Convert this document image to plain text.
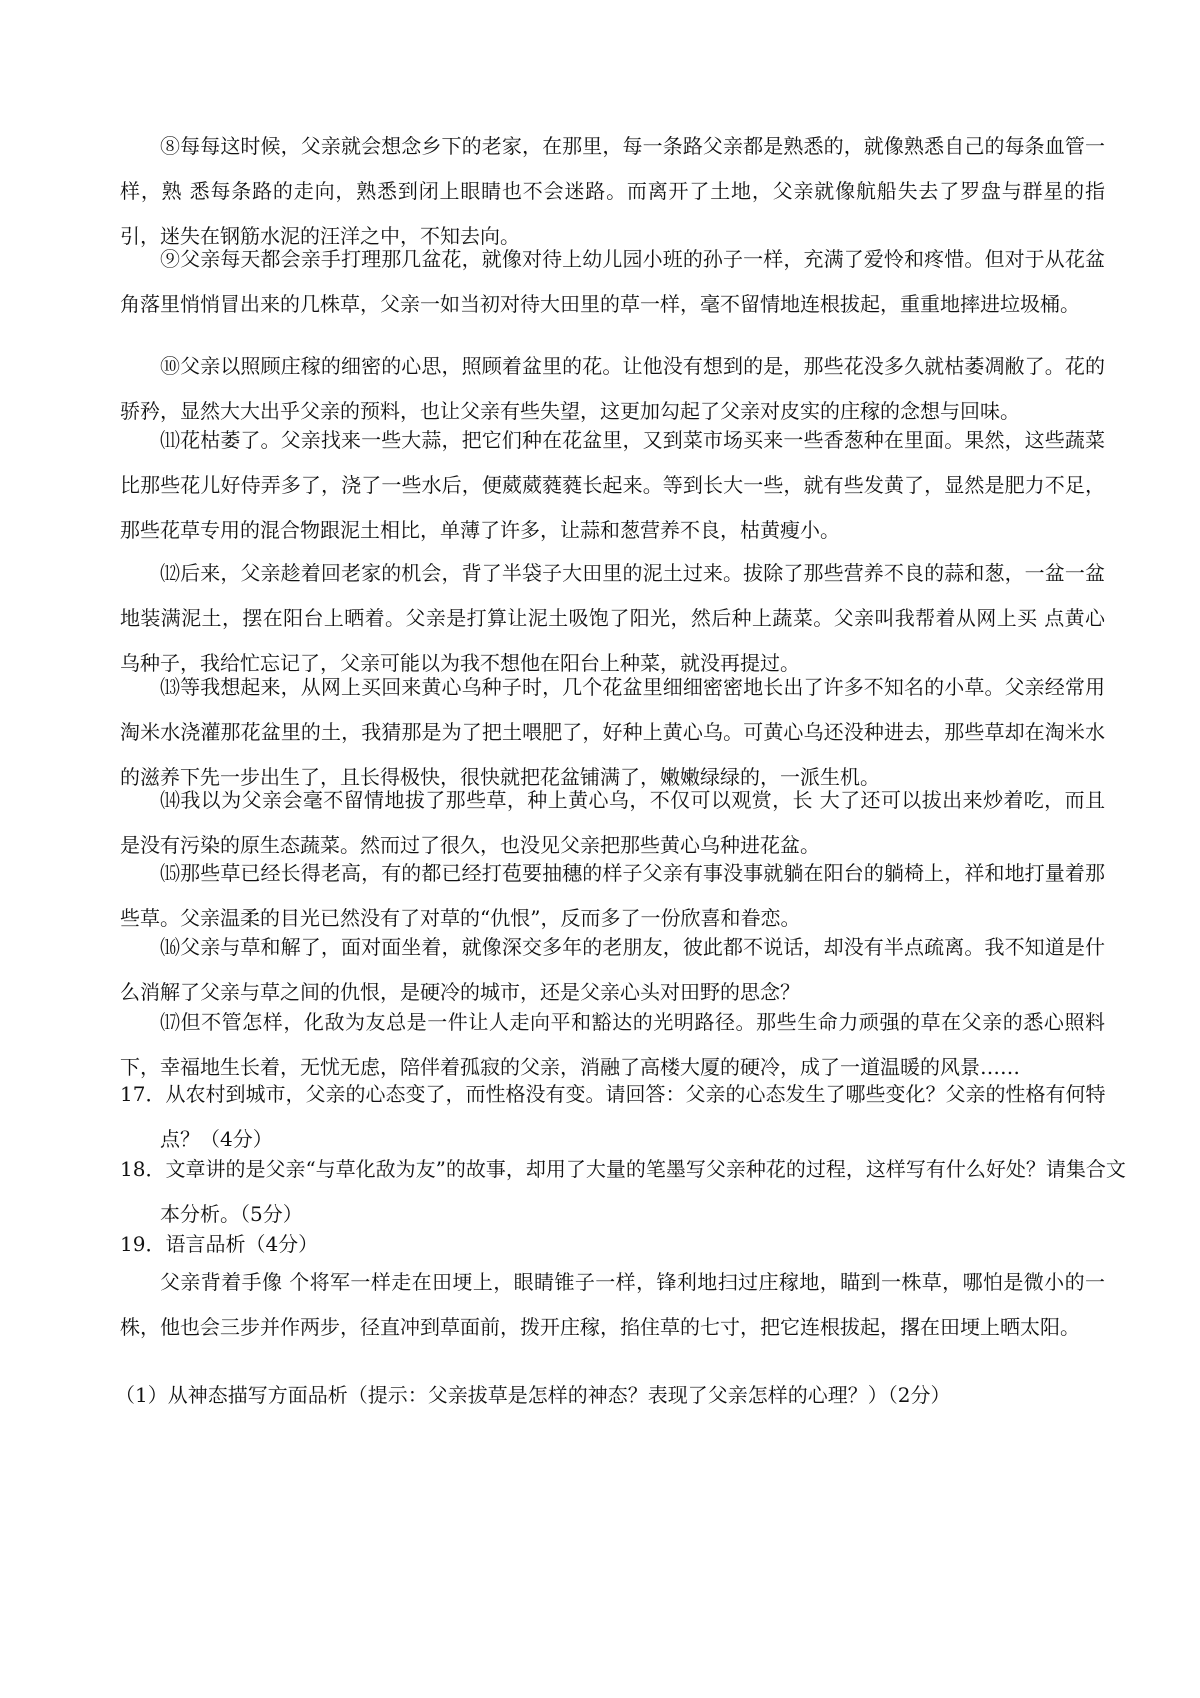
⑧每每这时候，父亲就会想念乡下的老家，在那里，每一条路父亲都是熟悉的，就像熟悉自己的每条血管一样，熟 悉每条路的走向，熟悉到闭上眼睛也不会迷路。而离开了土地，父亲就像航船失去了罗盘与群星的指引，迷失在钢筋水泥的汪洋之中，不知去向。

⑨父亲每天都会亲手打理那几盆花，就像对待上幼儿园小班的孙子一样，充满了爱怜和疼惜。但对于从花盆角落里悄悄冒出来的几株草，父亲一如当初对待大田里的草一样，毫不留情地连根拔起，重重地摔进垃圾桶。

⑩父亲以照顾庄稼的细密的心思，照顾着盆里的花。让他没有想到的是，那些花没多久就枯萎凋敝了。花的骄矜，显然大大出乎父亲的预料，也让父亲有些失望，这更加勾起了父亲对皮实的庄稼的念想与回味。

⑾花枯萎了。父亲找来一些大蒜，把它们种在花盆里，又到菜市场买来一些香葱种在里面。果然，这些蔬菜比那些花儿好侍弄多了，浇了一些水后，便葳葳蕤蕤长起来。等到长大一些，就有些发黄了，显然是肥力不足，那些花草专用的混合物跟泥土相比，单薄了许多，让蒜和葱营养不良，枯黄瘦小。

⑿后来，父亲趁着回老家的机会，背了半袋子大田里的泥土过来。拔除了那些营养不良的蒜和葱，一盆一盆地装满泥土，摆在阳台上晒着。父亲是打算让泥土吸饱了阳光，然后种上蔬菜。父亲叫我帮着从网上买 点黄心乌种子，我给忙忘记了，父亲可能以为我不想他在阳台上种菜，就没再提过。

⒀等我想起来，从网上买回来黄心乌种子时，几个花盆里细细密密地长出了许多不知名的小草。父亲经常用淘米水浇灌那花盆里的土，我猜那是为了把土喂肥了，好种上黄心乌。可黄心乌还没种进去，那些草却在淘米水的滋养下先一步出生了，且长得极快，很快就把花盆铺满了，嫩嫩绿绿的，一派生机。

⒁我以为父亲会毫不留情地拔了那些草，种上黄心乌，不仅可以观赏，长 大了还可以拔出来炒着吃，而且是没有污染的原生态蔬菜。然而过了很久，也没见父亲把那些黄心乌种进花盆。

⒂那些草已经长得老高，有的都已经打苞要抽穗的样子父亲有事没事就躺在阳台的躺椅上，祥和地打量着那些草。父亲温柔的目光已然没有了对草的“仇恨”，反而多了一份欣喜和眷恋。

⒃父亲与草和解了，面对面坐着，就像深交多年的老朋友，彼此都不说话，却没有半点疏离。我不知道是什么消解了父亲与草之间的仇恨，是硬冷的城市，还是父亲心头对田野的思念？

⒄但不管怎样，化敌为友总是一件让人走向平和豁达的光明路径。那些生命力顽强的草在父亲的悉心照料下，幸福地生长着，无忧无虑，陪伴着孤寂的父亲，消融了高楼大厦的硬冷，成了一道温暖的风景……

17．从农村到城市，父亲的心态变了，而性格没有变。请回答：父亲的心态发生了哪些变化？父亲的性格有何特点？（4分）

18．文章讲的是父亲“与草化敌为友”的故事，却用了大量的笔墨写父亲种花的过程，这样写有什么好处？请集合文本分析。（5分）

19．语言品析（4分）

父亲背着手像 个将军一样走在田埂上，眼睛锥子一样，锋利地扫过庄稼地，瞄到一株草，哪怕是微小的一株，他也会三步并作两步，径直冲到草面前，拨开庄稼，掐住草的七寸，把它连根拔起，撂在田埂上晒太阳。

（1）从神态描写方面品析（提示：父亲拔草是怎样的神态？表现了父亲怎样的心理？）（2分）
